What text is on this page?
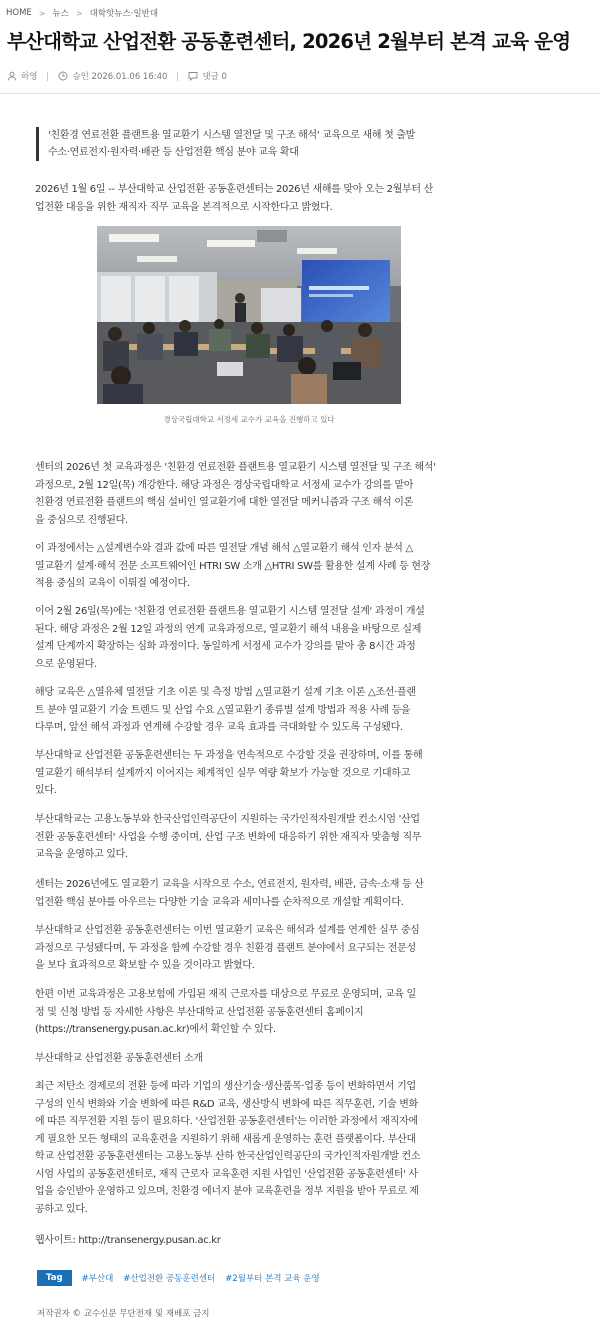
HOME > 뉴스 > 대학핫뉴스·일반대
부산대학교 산업전환 공동훈련센터, 2026년 2월부터 본격 교육 운영
하영	승인 2026.01.06 16:40	댓글 0
'친환경 연료전환 플랜트용 열교환기 시스템 열전달 및 구조 해석' 교육으로 새해 첫 출발
수소·연료전지·원자력·배관 등 산업전환 핵심 분야 교육 확대
2026년 1월 6일 -- 부산대학교 산업전환 공동훈련센터는 2026년 새해를 맞아 오는 2월부터 산
업전환 대응을 위한 재직자 직무 교육을 본격적으로 시작한다고 밝혔다.
경상국립대학교 서정세 교수가 교육을 진행하고 있다
센터의 2026년 첫 교육과정은 '친환경 연료전환 플랜트용 열교환기 시스템 열전달 및 구조 해석'
과정으로, 2월 12일(목) 개강한다. 해당 과정은 경상국립대학교 서정세 교수가 강의를 맡아
친환경 연료전환 플랜트의 핵심 설비인 열교환기에 대한 열전달 메커니즘과 구조 해석 이론
을 중심으로 진행된다.
이 과정에서는 △설계변수와 결과 값에 따른 열전달 개념 해석 △열교환기 해석 인자 분석 △
열교환기 설계·해석 전문 소프트웨어인 HTRI SW 소개 △HTRI SW를 활용한 설계 사례 등 현장
적용 중심의 교육이 이뤄질 예정이다.
이어 2월 26일(목)에는 '친환경 연료전환 플랜트용 열교환기 시스템 열전달 설계' 과정이 개설
된다. 해당 과정은 2월 12일 과정의 연계 교육과정으로, 열교환기 해석 내용을 바탕으로 실제
설계 단계까지 확장하는 심화 과정이다. 동일하게 서정세 교수가 강의를 맡아 총 8시간 과정
으로 운영된다.
해당 교육은 △열유체 열전달 기초 이론 및 측정 방법 △열교환기 설계 기초 이론 △조선·플랜
트 분야 열교환기 기술 트렌드 및 산업 수요 △열교환기 종류별 설계 방법과 적용 사례 등을
다루며, 앞선 해석 과정과 연계해 수강할 경우 교육 효과를 극대화할 수 있도록 구성됐다.
부산대학교 산업전환 공동훈련센터는 두 과정을 연속적으로 수강할 것을 권장하며, 이를 통해
열교환기 해석부터 설계까지 이어지는 체계적인 실무 역량 확보가 가능할 것으로 기대하고
있다.
부산대학교는 고용노동부와 한국산업인력공단이 지원하는 국가인적자원개발 컨소시엄 '산업
전환 공동훈련센터' 사업을 수행 중이며, 산업 구조 변화에 대응하기 위한 재직자 맞춤형 직무
교육을 운영하고 있다.
센터는 2026년에도 열교환기 교육을 시작으로 수소, 연료전지, 원자력, 배관, 금속·소재 등 산
업전환 핵심 분야를 아우르는 다양한 기술 교육과 세미나를 순차적으로 개설할 계획이다.
부산대학교 산업전환 공동훈련센터는 이번 열교환기 교육은 해석과 설계를 연계한 실무 중심
과정으로 구성됐다며, 두 과정을 함께 수강할 경우 친환경 플랜트 분야에서 요구되는 전문성
을 보다 효과적으로 확보할 수 있을 것이라고 밝혔다.
한편 이번 교육과정은 고용보험에 가입된 재직 근로자를 대상으로 무료로 운영되며, 교육 일
정 및 신청 방법 등 자세한 사항은 부산대학교 산업전환 공동훈련센터 홈페이지
(https://transenergy.pusan.ac.kr)에서 확인할 수 있다.
부산대학교 산업전환 공동훈련센터 소개
최근 저탄소 경제로의 전환 등에 따라 기업의 생산기술·생산품목·업종 등이 변화하면서 기업
구성의 인식 변화와 기술 변화에 따른 R&D 교육, 생산방식 변화에 따른 직무훈련, 기술 변화
에 따른 직무전환 지원 등이 필요하다. '산업전환 공동훈련센터'는 이러한 과정에서 재직자에
게 필요한 모든 형태의 교육훈련을 지원하기 위해 새롭게 운영하는 훈련 플랫폼이다. 부산대
학교 산업전환 공동훈련센터는 고용노동부 산하 한국산업인력공단의 국가인적자원개발 컨소
시엄 사업의 공동훈련센터로, 재직 근로자 교육훈련 지원 사업인 '산업전환 공동훈련센터' 사
업을 승인받아 운영하고 있으며, 친환경 에너지 분야 교육훈련을 정부 지원을 받아 무료로 제
공하고 있다.
웹사이트: http://transenergy.pusan.ac.kr
Tag	#부산대 #산업전환 공동훈련센터 #2월부터 본격 교육 운영
저작권자 © 교수신문 무단전재 및 재배포 금지
